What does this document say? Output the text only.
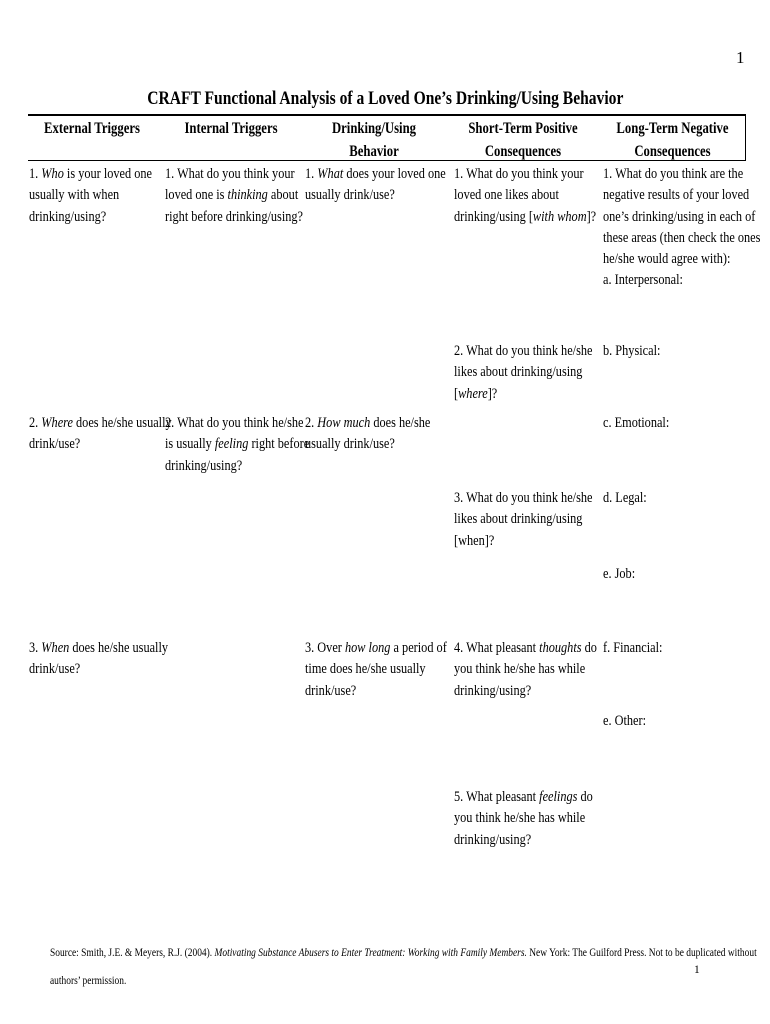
1
CRAFT Functional Analysis of a Loved One’s Drinking/Using Behavior
External Triggers	Internal Triggers	Drinking/Using Behavior
Short-Term Positive
Consequences
Long-Term Negative
Consequences
1. Who is your loved one
usually with when
drinking/using?
2. Where does he/she usually
drink/use?
3. When does he/she usually
drink/use?
1. What do you think your
loved one is thinking about
right before drinking/using?
2. What do you think he/she
is usually feeling right before
drinking/using?
1. What does your loved one
usually drink/use?
2. How much does he/she
usually drink/use?
3. Over how long a period of
time does he/she usually
drink/use?
1. What do you think your
loved one likes about
drinking/using [with whom]?
2. What do you think he/she
likes about drinking/using
[where]?
3. What do you think he/she
likes about drinking/using
[when]?
4. What pleasant thoughts do
you think he/she has while
drinking/using?
5. What pleasant feelings do
you think he/she has while
drinking/using?
1. What do you think are the
negative results of your loved
one’s drinking/using in each of
these areas (then check the ones
he/she would agree with):
a. Interpersonal:
b. Physical:
c. Emotional:
d. Legal:
e. Job:
f. Financial:
e. Other:
Source: Smith, J.E. & Meyers, R.J. (2004). Motivating Substance Abusers to Enter Treatment: Working with Family Members. New York: The Guilford Press. Not to be duplicated without
1
authors’ permission.
